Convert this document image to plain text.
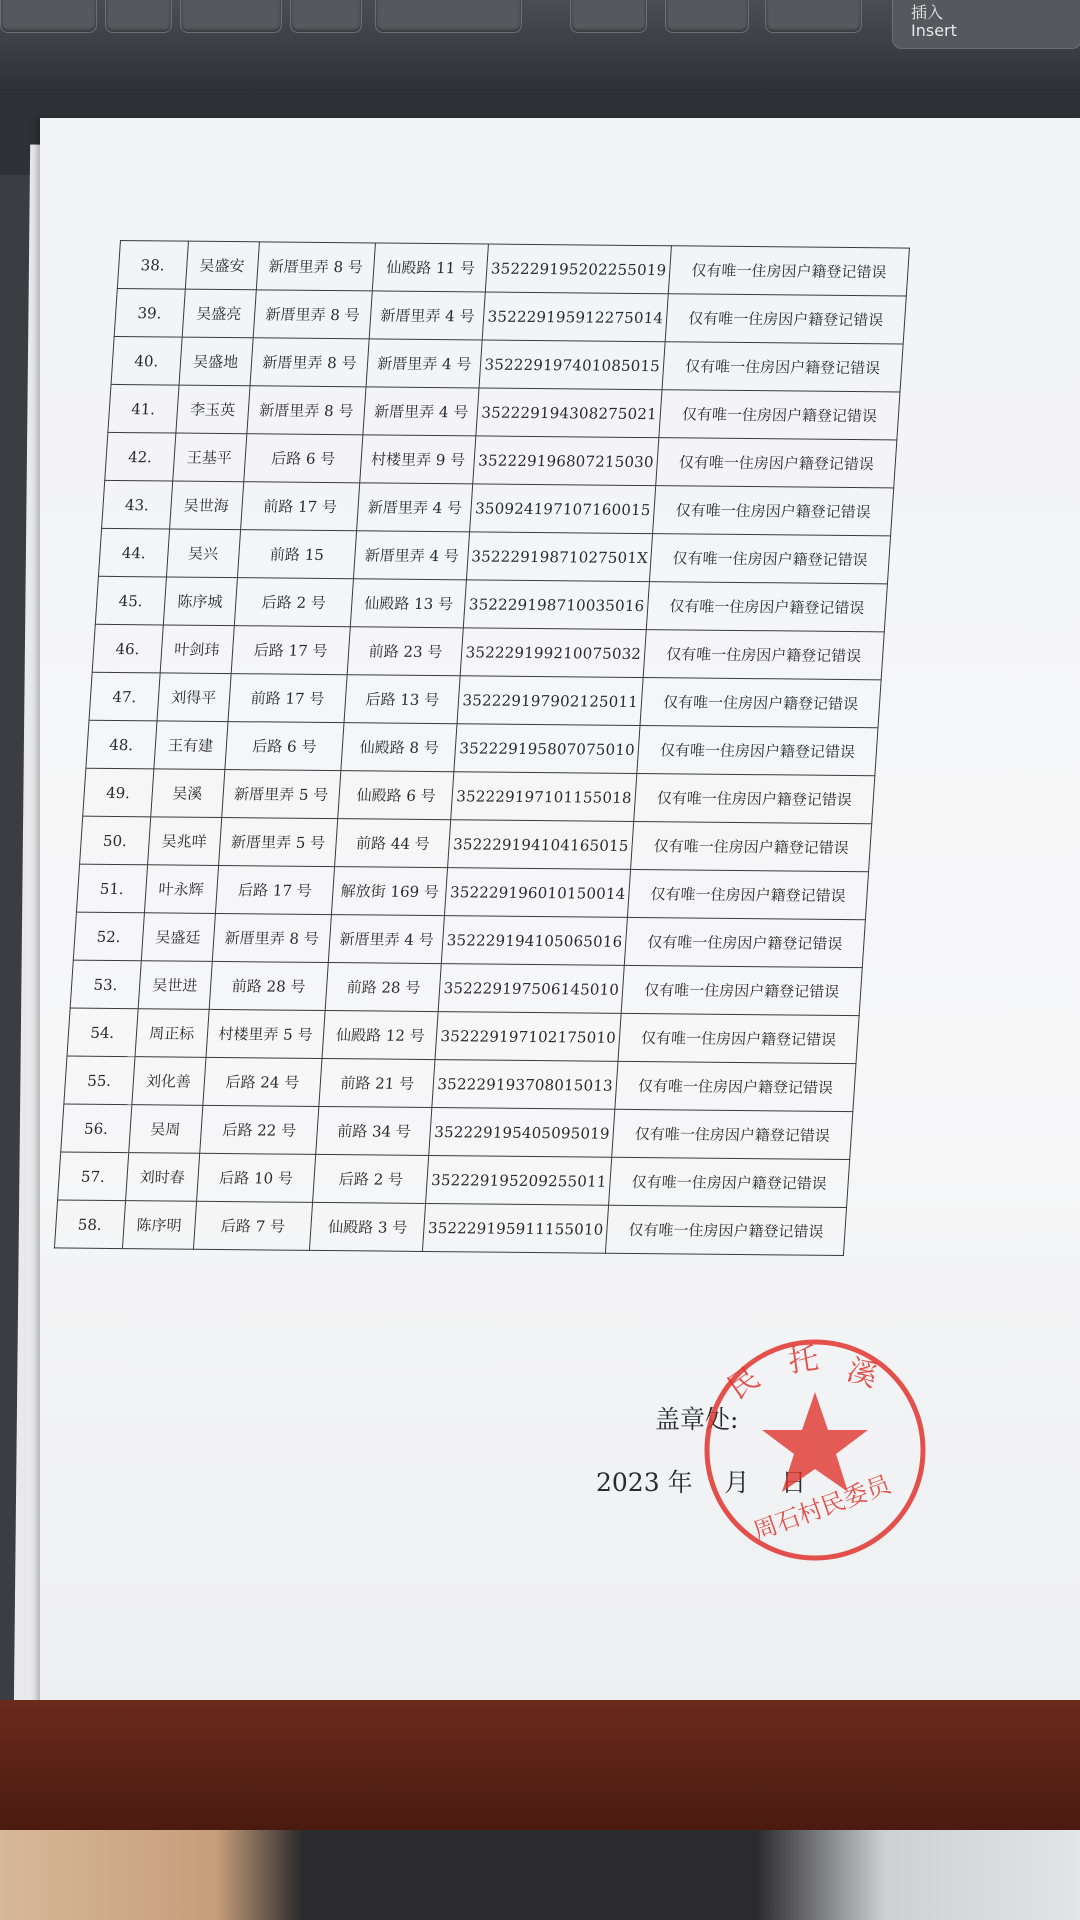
插入

Insert
38.	吴盛安	新厝里弄 8 号	仙殿路 11 号	352229195202255019	仅有唯一住房因户籍登记错误
39.	吴盛亮	新厝里弄 8 号	新厝里弄 4 号	352229195912275014	仅有唯一住房因户籍登记错误
40.	吴盛地	新厝里弄 8 号	新厝里弄 4 号	352229197401085015	仅有唯一住房因户籍登记错误
41.	李玉英	新厝里弄 8 号	新厝里弄 4 号	352229194308275021	仅有唯一住房因户籍登记错误
42.	王基平	后路 6 号	村楼里弄 9 号	352229196807215030	仅有唯一住房因户籍登记错误
43.	吴世海	前路 17 号	新厝里弄 4 号	350924197107160015	仅有唯一住房因户籍登记错误
44.	吴兴	前路 15	新厝里弄 4 号	35222919871027501X	仅有唯一住房因户籍登记错误
45.	陈序城	后路 2 号	仙殿路 13 号	352229198710035016	仅有唯一住房因户籍登记错误
46.	叶剑玮	后路 17 号	前路 23 号	352229199210075032	仅有唯一住房因户籍登记错误
47.	刘得平	前路 17 号	后路 13 号	352229197902125011	仅有唯一住房因户籍登记错误
48.	王有建	后路 6 号	仙殿路 8 号	352229195807075010	仅有唯一住房因户籍登记错误
49.	吴溪	新厝里弄 5 号	仙殿路 6 号	352229197101155018	仅有唯一住房因户籍登记错误
50.	吴兆咩	新厝里弄 5 号	前路 44 号	352229194104165015	仅有唯一住房因户籍登记错误
51.	叶永辉	后路 17 号	解放街 169 号	352229196010150014	仅有唯一住房因户籍登记错误
52.	吴盛廷	新厝里弄 8 号	新厝里弄 4 号	352229194105065016	仅有唯一住房因户籍登记错误
53.	吴世进	前路 28 号	前路 28 号	352229197506145010	仅有唯一住房因户籍登记错误
54.	周正标	村楼里弄 5 号	仙殿路 12 号	352229197102175010	仅有唯一住房因户籍登记错误
55.	刘化善	后路 24 号	前路 21 号	352229193708015013	仅有唯一住房因户籍登记错误
56.	吴周	后路 22 号	前路 34 号	352229195405095019	仅有唯一住房因户籍登记错误
57.	刘时春	后路 10 号	后路 2 号	352229195209255011	仅有唯一住房因户籍登记错误
58.	陈序明	后路 7 号	仙殿路 3 号	352229195911155010	仅有唯一住房因户籍登记错误
盖章处:
2023 年    月    日
民
托 溪
周石村民委员
